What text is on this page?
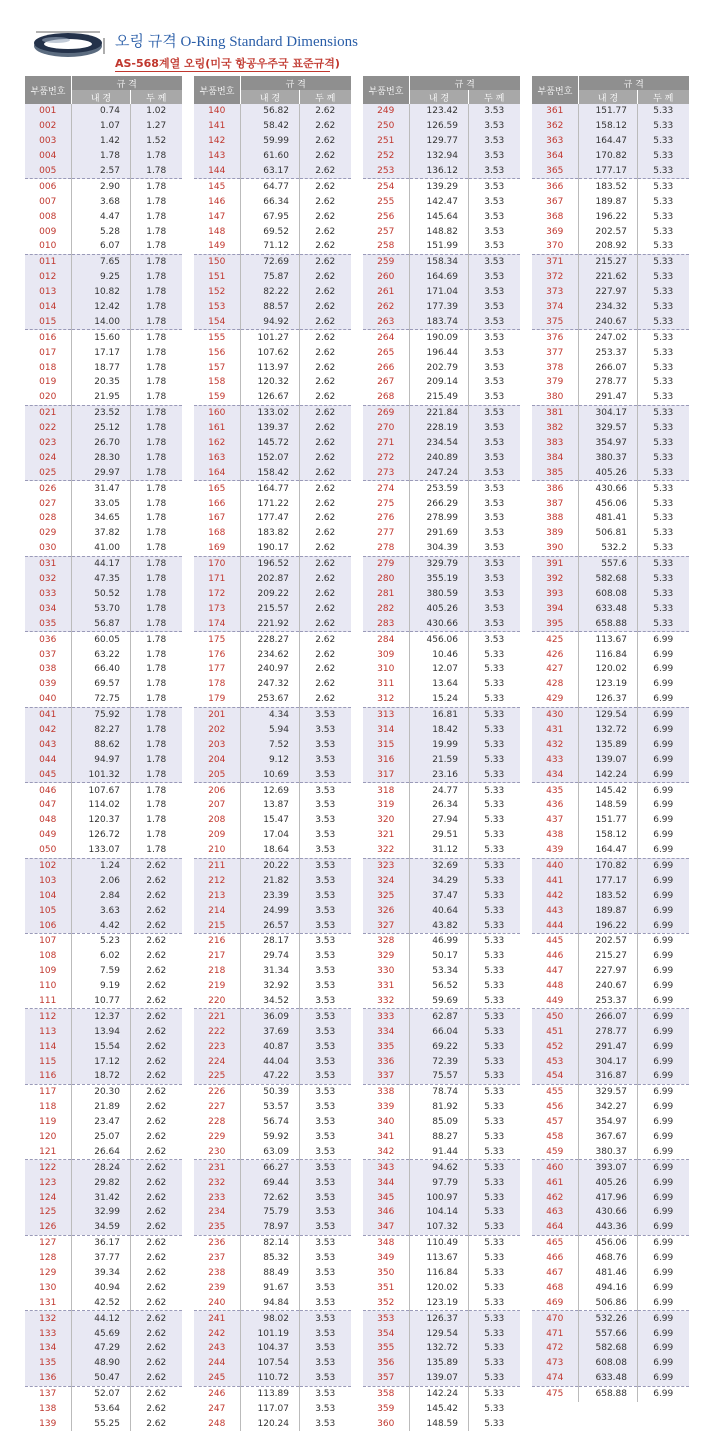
오링 규격 O-Ring Standard Dimensions
AS-568계열 오링(미국 항공우주국 표준규격)
부품번호	규 격	
	내 경	두 께
001	0.74	1.02
002	1.07	1.27
003	1.42	1.52
004	1.78	1.78
005	2.57	1.78
006	2.90	1.78
007	3.68	1.78
008	4.47	1.78
009	5.28	1.78
010	6.07	1.78
011	7.65	1.78
012	9.25	1.78
013	10.82	1.78
014	12.42	1.78
015	14.00	1.78
016	15.60	1.78
017	17.17	1.78
018	18.77	1.78
019	20.35	1.78
020	21.95	1.78
021	23.52	1.78
022	25.12	1.78
023	26.70	1.78
024	28.30	1.78
025	29.97	1.78
026	31.47	1.78
027	33.05	1.78
028	34.65	1.78
029	37.82	1.78
030	41.00	1.78
031	44.17	1.78
032	47.35	1.78
033	50.52	1.78
034	53.70	1.78
035	56.87	1.78
036	60.05	1.78
037	63.22	1.78
038	66.40	1.78
039	69.57	1.78
040	72.75	1.78
041	75.92	1.78
042	82.27	1.78
043	88.62	1.78
044	94.97	1.78
045	101.32	1.78
046	107.67	1.78
047	114.02	1.78
048	120.37	1.78
049	126.72	1.78
050	133.07	1.78
102	1.24	2.62
103	2.06	2.62
104	2.84	2.62
105	3.63	2.62
106	4.42	2.62
107	5.23	2.62
108	6.02	2.62
109	7.59	2.62
110	9.19	2.62
111	10.77	2.62
112	12.37	2.62
113	13.94	2.62
114	15.54	2.62
115	17.12	2.62
116	18.72	2.62
117	20.30	2.62
118	21.89	2.62
119	23.47	2.62
120	25.07	2.62
121	26.64	2.62
122	28.24	2.62
123	29.82	2.62
124	31.42	2.62
125	32.99	2.62
126	34.59	2.62
127	36.17	2.62
128	37.77	2.62
129	39.34	2.62
130	40.94	2.62
131	42.52	2.62
132	44.12	2.62
133	45.69	2.62
134	47.29	2.62
135	48.90	2.62
136	50.47	2.62
137	52.07	2.62
138	53.64	2.62
139	55.25	2.62
부품번호	규 격	
	내 경	두 께
140	56.82	2.62
141	58.42	2.62
142	59.99	2.62
143	61.60	2.62
144	63.17	2.62
145	64.77	2.62
146	66.34	2.62
147	67.95	2.62
148	69.52	2.62
149	71.12	2.62
150	72.69	2.62
151	75.87	2.62
152	82.22	2.62
153	88.57	2.62
154	94.92	2.62
155	101.27	2.62
156	107.62	2.62
157	113.97	2.62
158	120.32	2.62
159	126.67	2.62
160	133.02	2.62
161	139.37	2.62
162	145.72	2.62
163	152.07	2.62
164	158.42	2.62
165	164.77	2.62
166	171.22	2.62
167	177.47	2.62
168	183.82	2.62
169	190.17	2.62
170	196.52	2.62
171	202.87	2.62
172	209.22	2.62
173	215.57	2.62
174	221.92	2.62
175	228.27	2.62
176	234.62	2.62
177	240.97	2.62
178	247.32	2.62
179	253.67	2.62
201	4.34	3.53
202	5.94	3.53
203	7.52	3.53
204	9.12	3.53
205	10.69	3.53
206	12.69	3.53
207	13.87	3.53
208	15.47	3.53
209	17.04	3.53
210	18.64	3.53
211	20.22	3.53
212	21.82	3.53
213	23.39	3.53
214	24.99	3.53
215	26.57	3.53
216	28.17	3.53
217	29.74	3.53
218	31.34	3.53
219	32.92	3.53
220	34.52	3.53
221	36.09	3.53
222	37.69	3.53
223	40.87	3.53
224	44.04	3.53
225	47.22	3.53
226	50.39	3.53
227	53.57	3.53
228	56.74	3.53
229	59.92	3.53
230	63.09	3.53
231	66.27	3.53
232	69.44	3.53
233	72.62	3.53
234	75.79	3.53
235	78.97	3.53
236	82.14	3.53
237	85.32	3.53
238	88.49	3.53
239	91.67	3.53
240	94.84	3.53
241	98.02	3.53
242	101.19	3.53
243	104.37	3.53
244	107.54	3.53
245	110.72	3.53
246	113.89	3.53
247	117.07	3.53
248	120.24	3.53
부품번호	규 격	
	내 경	두 께
249	123.42	3.53
250	126.59	3.53
251	129.77	3.53
252	132.94	3.53
253	136.12	3.53
254	139.29	3.53
255	142.47	3.53
256	145.64	3.53
257	148.82	3.53
258	151.99	3.53
259	158.34	3.53
260	164.69	3.53
261	171.04	3.53
262	177.39	3.53
263	183.74	3.53
264	190.09	3.53
265	196.44	3.53
266	202.79	3.53
267	209.14	3.53
268	215.49	3.53
269	221.84	3.53
270	228.19	3.53
271	234.54	3.53
272	240.89	3.53
273	247.24	3.53
274	253.59	3.53
275	266.29	3.53
276	278.99	3.53
277	291.69	3.53
278	304.39	3.53
279	329.79	3.53
280	355.19	3.53
281	380.59	3.53
282	405.26	3.53
283	430.66	3.53
284	456.06	3.53
309	10.46	5.33
310	12.07	5.33
311	13.64	5.33
312	15.24	5.33
313	16.81	5.33
314	18.42	5.33
315	19.99	5.33
316	21.59	5.33
317	23.16	5.33
318	24.77	5.33
319	26.34	5.33
320	27.94	5.33
321	29.51	5.33
322	31.12	5.33
323	32.69	5.33
324	34.29	5.33
325	37.47	5.33
326	40.64	5.33
327	43.82	5.33
328	46.99	5.33
329	50.17	5.33
330	53.34	5.33
331	56.52	5.33
332	59.69	5.33
333	62.87	5.33
334	66.04	5.33
335	69.22	5.33
336	72.39	5.33
337	75.57	5.33
338	78.74	5.33
339	81.92	5.33
340	85.09	5.33
341	88.27	5.33
342	91.44	5.33
343	94.62	5.33
344	97.79	5.33
345	100.97	5.33
346	104.14	5.33
347	107.32	5.33
348	110.49	5.33
349	113.67	5.33
350	116.84	5.33
351	120.02	5.33
352	123.19	5.33
353	126.37	5.33
354	129.54	5.33
355	132.72	5.33
356	135.89	5.33
357	139.07	5.33
358	142.24	5.33
359	145.42	5.33
360	148.59	5.33
부품번호	규 격	
	내 경	두 께
361	151.77	5.33
362	158.12	5.33
363	164.47	5.33
364	170.82	5.33
365	177.17	5.33
366	183.52	5.33
367	189.87	5.33
368	196.22	5.33
369	202.57	5.33
370	208.92	5.33
371	215.27	5.33
372	221.62	5.33
373	227.97	5.33
374	234.32	5.33
375	240.67	5.33
376	247.02	5.33
377	253.37	5.33
378	266.07	5.33
379	278.77	5.33
380	291.47	5.33
381	304.17	5.33
382	329.57	5.33
383	354.97	5.33
384	380.37	5.33
385	405.26	5.33
386	430.66	5.33
387	456.06	5.33
388	481.41	5.33
389	506.81	5.33
390	532.2	5.33
391	557.6	5.33
392	582.68	5.33
393	608.08	5.33
394	633.48	5.33
395	658.88	5.33
425	113.67	6.99
426	116.84	6.99
427	120.02	6.99
428	123.19	6.99
429	126.37	6.99
430	129.54	6.99
431	132.72	6.99
432	135.89	6.99
433	139.07	6.99
434	142.24	6.99
435	145.42	6.99
436	148.59	6.99
437	151.77	6.99
438	158.12	6.99
439	164.47	6.99
440	170.82	6.99
441	177.17	6.99
442	183.52	6.99
443	189.87	6.99
444	196.22	6.99
445	202.57	6.99
446	215.27	6.99
447	227.97	6.99
448	240.67	6.99
449	253.37	6.99
450	266.07	6.99
451	278.77	6.99
452	291.47	6.99
453	304.17	6.99
454	316.87	6.99
455	329.57	6.99
456	342.27	6.99
457	354.97	6.99
458	367.67	6.99
459	380.37	6.99
460	393.07	6.99
461	405.26	6.99
462	417.96	6.99
463	430.66	6.99
464	443.36	6.99
465	456.06	6.99
466	468.76	6.99
467	481.46	6.99
468	494.16	6.99
469	506.86	6.99
470	532.26	6.99
471	557.66	6.99
472	582.68	6.99
473	608.08	6.99
474	633.48	6.99
475	658.88	6.99
